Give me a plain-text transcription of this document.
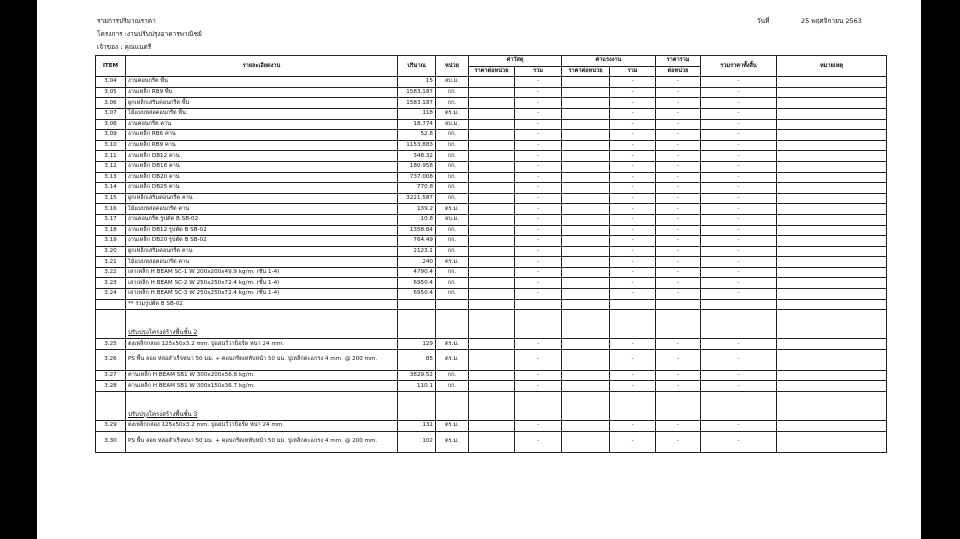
รายการปริมาณราคา
โครงการ :งานปรับปรุงอาคารพาณิชย์
เจ้าของ : คุณแนตรี
วันที่	25 พฤศจิกายน 2563
ITEM	รายละเอียดงาน	ปริมาณ	หน่วย	ค่าวัสดุ		ค่าแรงงาน		ราคารวม	รวมราคาทั้งสิ้น	หมายเหตุ
				ราคาต่อหน่วย	รวม	ราคาต่อหน่วย	รวม	ต่อหน่วย		
3.04	งานคอนกรีต พื้น	15	ลบ.ม.		-		-	-	-	
3.05	งานเหล็ก RB9 พื้น	1583.187	กก.		-		-	-	-	
3.06	ผูกเหล็กเสริมคอนกรีต พื้น	1583.187	กก.		-		-	-	-	
3.07	ไม้แบบหล่อคอนกรีต พื้น	118	ตร.ม.		-		-	-	-	
3.08	งานคอนกรีต คาน	18.774	ลบ.ม.		-		-	-	-	
3.09	งานเหล็ก RB6 คาน	52.8	กก.		-		-	-	-	
3.10	งานเหล็ก RB9 คาน	1153.883	กก.		-		-	-	-	
3.11	งานเหล็ก DB12 คาน	348.32	กก.		-		-	-	-	
3.12	งานเหล็ก DB16 คาน	180.958	กก.		-		-	-	-	
3.13	งานเหล็ก DB20 คาน	737.008	กก.		-		-	-	-	
3.14	งานเหล็ก DB25 คาน	770.8	กก.		-		-	-	-	
3.15	ผูกเหล็กเสริมคอนกรีต คาน	3221.587	กก.		-		-	-	-	
3.16	ไม้แบบหล่อคอนกรีต คาน	139.2	ตร.ม.		-		-	-	-	
3.17	งานคอนกรีต รูปตัด B SB-02	10.8	ลบ.ม.		-		-	-	-	
3.18	งานเหล็ก DB12 รูปตัด B SB-02	1358.84	กก.		-		-	-	-	
3.19	งานเหล็ก DB20 รูปตัด B SB-02	764.49	กก.		-		-	-	-	
3.20	ผูกเหล็กเสริมคอนกรีต คาน	2123.1	กก.		-		-	-	-	
3.21	ไม้แบบหล่อคอนกรีต คาน	240	ตร.ม.		-		-	-	-	
3.22	เสาเหล็ก H BEAM SC-1 W 200x200x49.9 kg/m. (ชั้น 1-4)	4790.4	กก.		-		-	-	-	
3.23	เสาเหล็ก H BEAM SC-2 W 250x250x72.4 kg/m. (ชั้น 1-4)	6950.4	กก.		-		-	-	-	
3.24	เสาเหล็ก H BEAM SC-3 W 250x250x72.4 kg/m. (ชั้น 1-4)	6950.4	กก.		-		-	-	-	
	** รวมรูปตัด B SB-02									
	ปรับปรุงโครงสร้างพื้นชั้น 2									
3.25	ตงเหล็กกล่อง 125x50x3.2 mm. ปูแผ่นวีวาบ็อร์ด หนา 24 mm.	129	ตร.ม.		-		-	-	-	
3.26	PS พื้น ลอย หล่อสำเร็จหนา 50 มม. + คอนกรีตเททับหน้า 50 มม. ปูเหล็กตะแกรง 4 mm. @ 200 mm.	85	ตร.ม.		-		-	-	-	
3.27	คานเหล็ก H BEAM SB1 W 300x200x56.8 kg/m.	3829.52	กก.		-		-	-	-	
3.28	คานเหล็ก H BEAM SB1 W 300x150x36.7 kg/m.	110.1	กก.		-		-	-	-	
	ปรับปรุงโครงสร้างพื้นชั้น 3									
3.29	ตงเหล็กกล่อง 125x50x3.2 mm. ปูแผ่นวีวาบ็อร์ด หนา 24 mm.	131	ตร.ม.		-		-	-	-	
3.30	PS พื้น ลอย หล่อสำเร็จหนา 50 มม. + คอนกรีตเททับหน้า 50 มม. ปูเหล็กตะแกรง 4 mm. @ 200 mm.	102	ตร.ม.		-		-	-	-	
